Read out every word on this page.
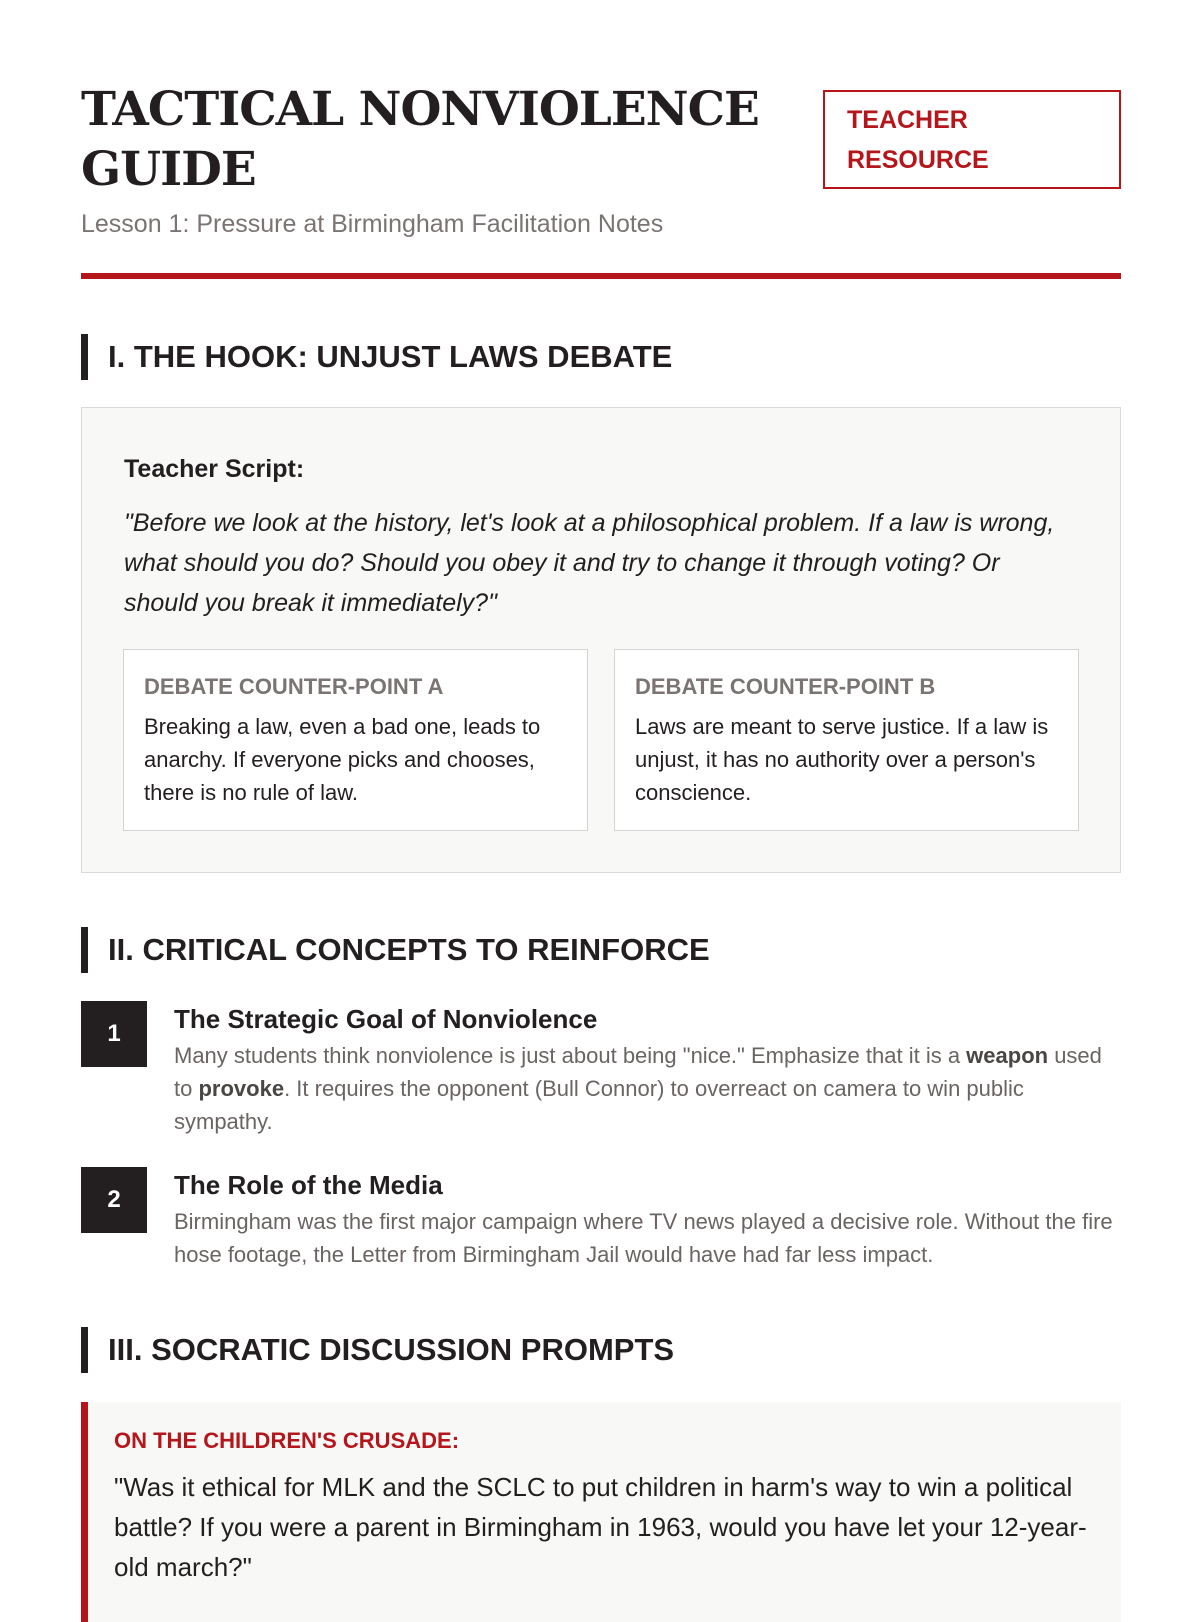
TACTICAL NONVIOLENCE GUIDE

Lesson 1: Pressure at Birmingham Facilitation Notes

TEACHER RESOURCE
I. THE HOOK: UNJUST LAWS DEBATE
Teacher Script:

"Before we look at the history, let's look at a philosophical problem. If a law is wrong, what should you do? Should you obey it and try to change it through voting? Or should you break it immediately?"

DEBATE COUNTER-POINT A
Breaking a law, even a bad one, leads to anarchy. If everyone picks and chooses, there is no rule of law.
DEBATE COUNTER-POINT B
Laws are meant to serve justice. If a law is unjust, it has no authority over a person's conscience.
II. CRITICAL CONCEPTS TO REINFORCE
1	The Strategic Goal of Nonviolence
Many students think nonviolence is just about being "nice." Emphasize that it is a weapon used to provoke. It requires the opponent (Bull Connor) to overreact on camera to win public sympathy.
2	The Role of the Media
Birmingham was the first major campaign where TV news played a decisive role. Without the fire hose footage, the Letter from Birmingham Jail would have had far less impact.
III. SOCRATIC DISCUSSION PROMPTS
ON THE CHILDREN'S CRUSADE:

"Was it ethical for MLK and the SCLC to put children in harm's way to win a political battle? If you were a parent in Birmingham in 1963, would you have let your 12-year-old march?"
